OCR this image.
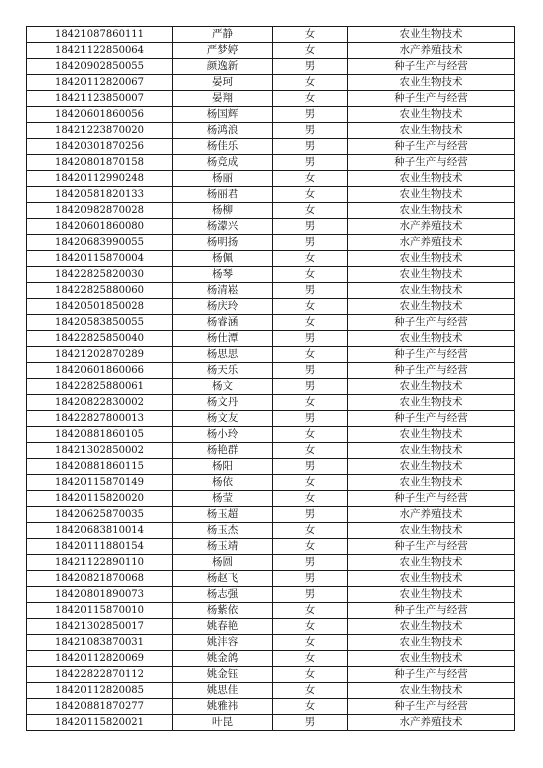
18421087860111	严静	女	农业生物技术
18421122850064	严梦婷	女	水产养殖技术
18420902850055	颜逸新	男	种子生产与经营
18420112820067	晏珂	女	农业生物技术
18421123850007	晏翔	女	种子生产与经营
18420601860056	杨国辉	男	农业生物技术
18421223870020	杨鸿浪	男	农业生物技术
18420301870256	杨佳乐	男	种子生产与经营
18420801870158	杨竞成	男	种子生产与经营
18420112990248	杨丽	女	农业生物技术
18420581820133	杨丽君	女	农业生物技术
18420982870028	杨柳	女	农业生物技术
18420601860080	杨濛兴	男	水产养殖技术
18420683990055	杨明扬	男	水产养殖技术
18420115870004	杨佩	女	农业生物技术
18422825820030	杨琴	女	农业生物技术
18422825880060	杨清崧	男	农业生物技术
18420501850028	杨庆玲	女	农业生物技术
18420583850055	杨睿涵	女	种子生产与经营
18422825850040	杨仕潭	男	农业生物技术
18421202870289	杨思思	女	种子生产与经营
18420601860066	杨天乐	男	种子生产与经营
18422825880061	杨文	男	农业生物技术
18420822830002	杨文丹	女	农业生物技术
18422827800013	杨文友	男	种子生产与经营
18420881860105	杨小玲	女	农业生物技术
18421302850002	杨艳群	女	农业生物技术
18420881860115	杨阳	男	农业生物技术
18420115870149	杨依	女	农业生物技术
18420115820020	杨莹	女	种子生产与经营
18420625870035	杨玉超	男	水产养殖技术
18420683810014	杨玉杰	女	农业生物技术
18420111880154	杨玉靖	女	种子生产与经营
18421122890110	杨圆	男	农业生物技术
18420821870068	杨赵飞	男	农业生物技术
18420801890073	杨志强	男	农业生物技术
18420115870010	杨紫依	女	种子生产与经营
18421302850017	姚春艳	女	农业生物技术
18421083870031	姚沣容	女	农业生物技术
18420112820069	姚金鸽	女	农业生物技术
18422822870112	姚金钰	女	种子生产与经营
18420112820085	姚思佳	女	农业生物技术
18420881870277	姚雅祎	女	种子生产与经营
18420115820021	叶昆	男	水产养殖技术
